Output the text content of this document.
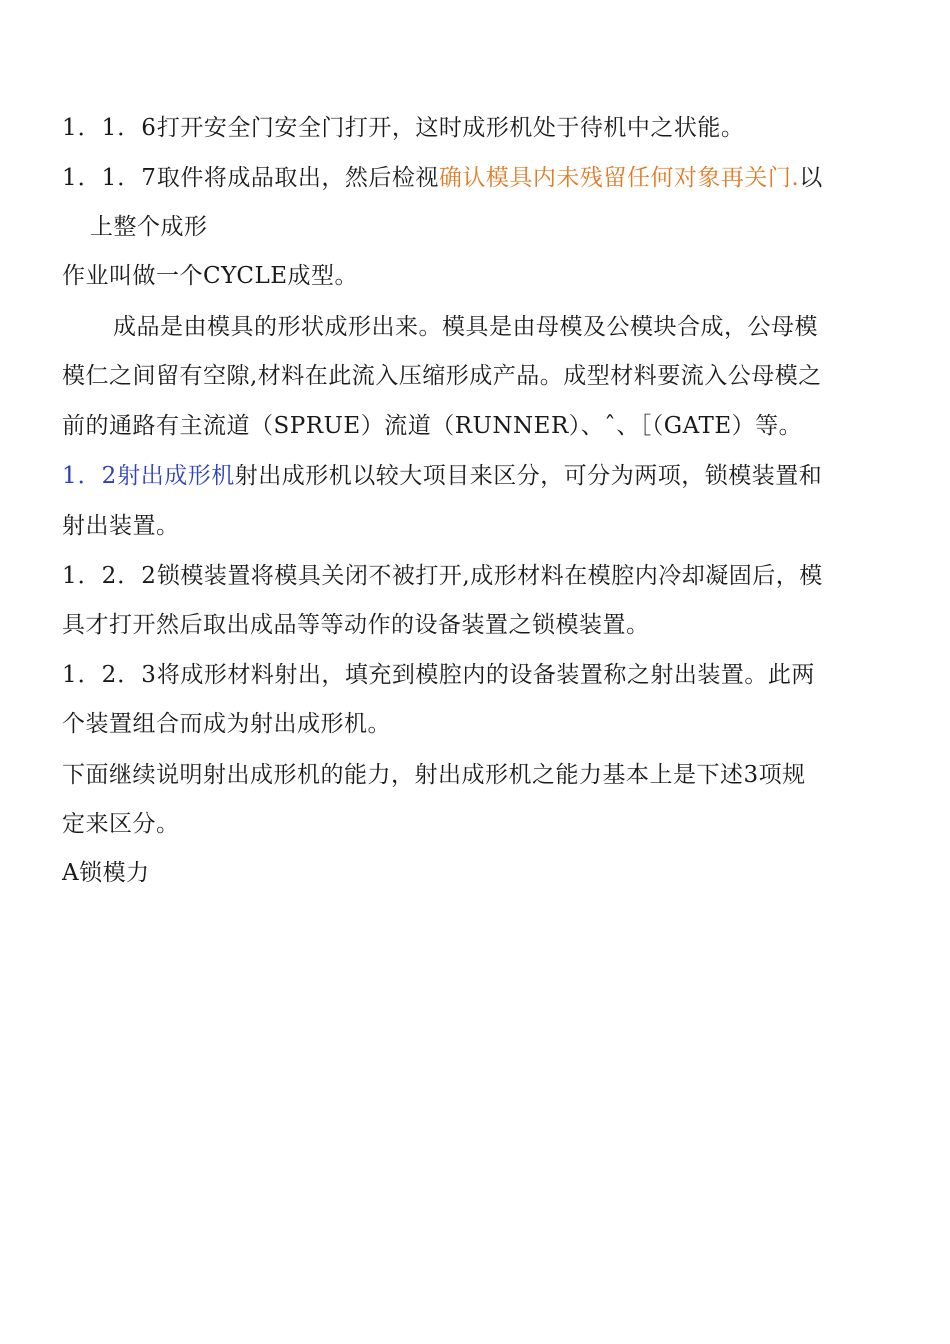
1．1．6打开安全门安全门打开，这时成形机处于待机中之状能。
1．1．7取件将成品取出，然后检视确认模具内未残留任何对象再关门.以
上整个成形
作业叫做一个CYCLE成型。
成品是由模具的形状成形出来。模具是由母模及公模块合成，公母模
模仁之间留有空隙,材料在此流入压缩形成产品。成型材料要流入公母模之
前的通路有主流道（SPRUE）流道（RUNNER）、ˆ、［（GATE）等。
1．2射出成形机射出成形机以较大项目来区分，可分为两项，锁模装置和
射出装置。
1．2．2锁模装置将模具关闭不被打开,成形材料在模腔内冷却凝固后，模
具才打开然后取出成品等等动作的设备装置之锁模装置。
1．2．3将成形材料射出，填充到模腔内的设备装置称之射出装置。此两
个装置组合而成为射出成形机。
下面继续说明射出成形机的能力，射出成形机之能力基本上是下述3项规
定来区分。
A锁模力
